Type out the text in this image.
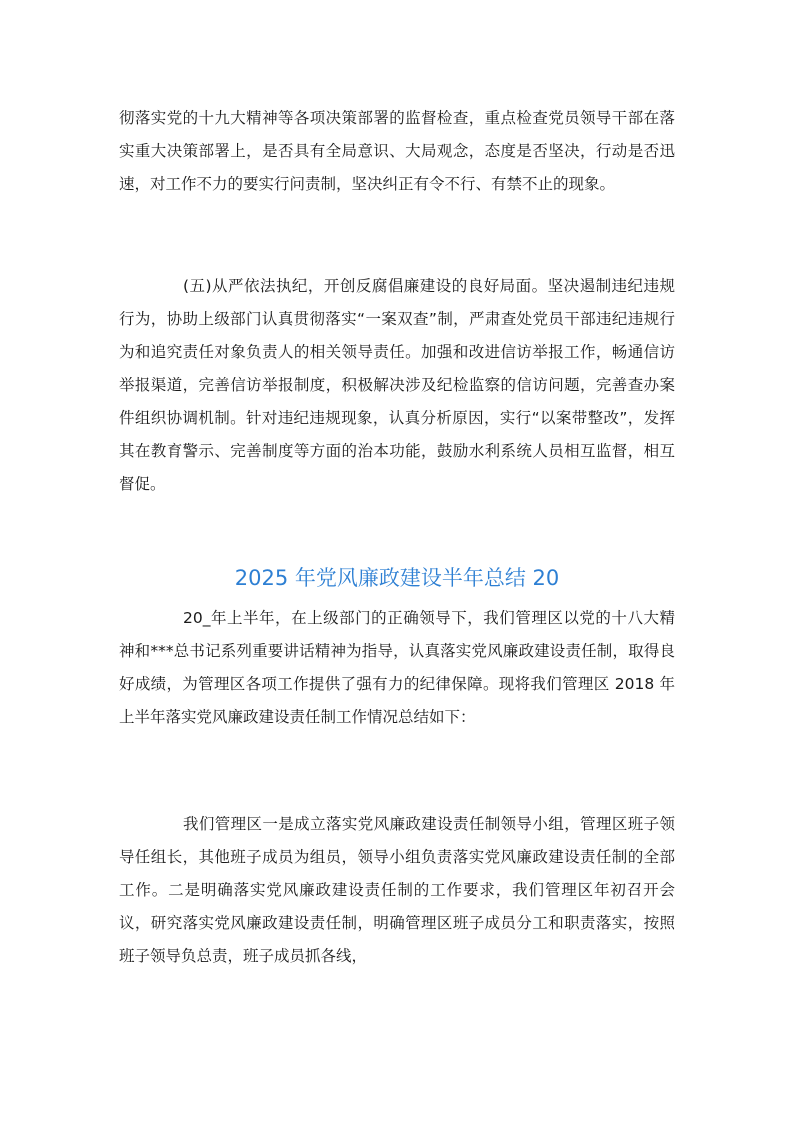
彻落实党的十九大精神等各项决策部署的监督检查，重点检查党员领导干部在落实重大决策部署上，是否具有全局意识、大局观念，态度是否坚决，行动是否迅速，对工作不力的要实行问责制，坚决纠正有令不行、有禁不止的现象。
(五)从严依法执纪，开创反腐倡廉建设的良好局面。坚决遏制违纪违规行为，协助上级部门认真贯彻落实“一案双查”制，严肃查处党员干部违纪违规行为和追究责任对象负责人的相关领导责任。加强和改进信访举报工作，畅通信访举报渠道，完善信访举报制度，积极解决涉及纪检监察的信访问题，完善查办案件组织协调机制。针对违纪违规现象，认真分析原因，实行“以案带整改”，发挥其在教育警示、完善制度等方面的治本功能，鼓励水利系统人员相互监督，相互督促。
2025 年党风廉政建设半年总结 20
20_年上半年，在上级部门的正确领导下，我们管理区以党的十八大精神和***总书记系列重要讲话精神为指导，认真落实党风廉政建设责任制，取得良好成绩，为管理区各项工作提供了强有力的纪律保障。现将我们管理区 2018 年上半年落实党风廉政建设责任制工作情况总结如下：
我们管理区一是成立落实党风廉政建设责任制领导小组，管理区班子领导任组长，其他班子成员为组员，领导小组负责落实党风廉政建设责任制的全部工作。二是明确落实党风廉政建设责任制的工作要求，我们管理区年初召开会议，研究落实党风廉政建设责任制，明确管理区班子成员分工和职责落实，按照班子领导负总责，班子成员抓各线，
